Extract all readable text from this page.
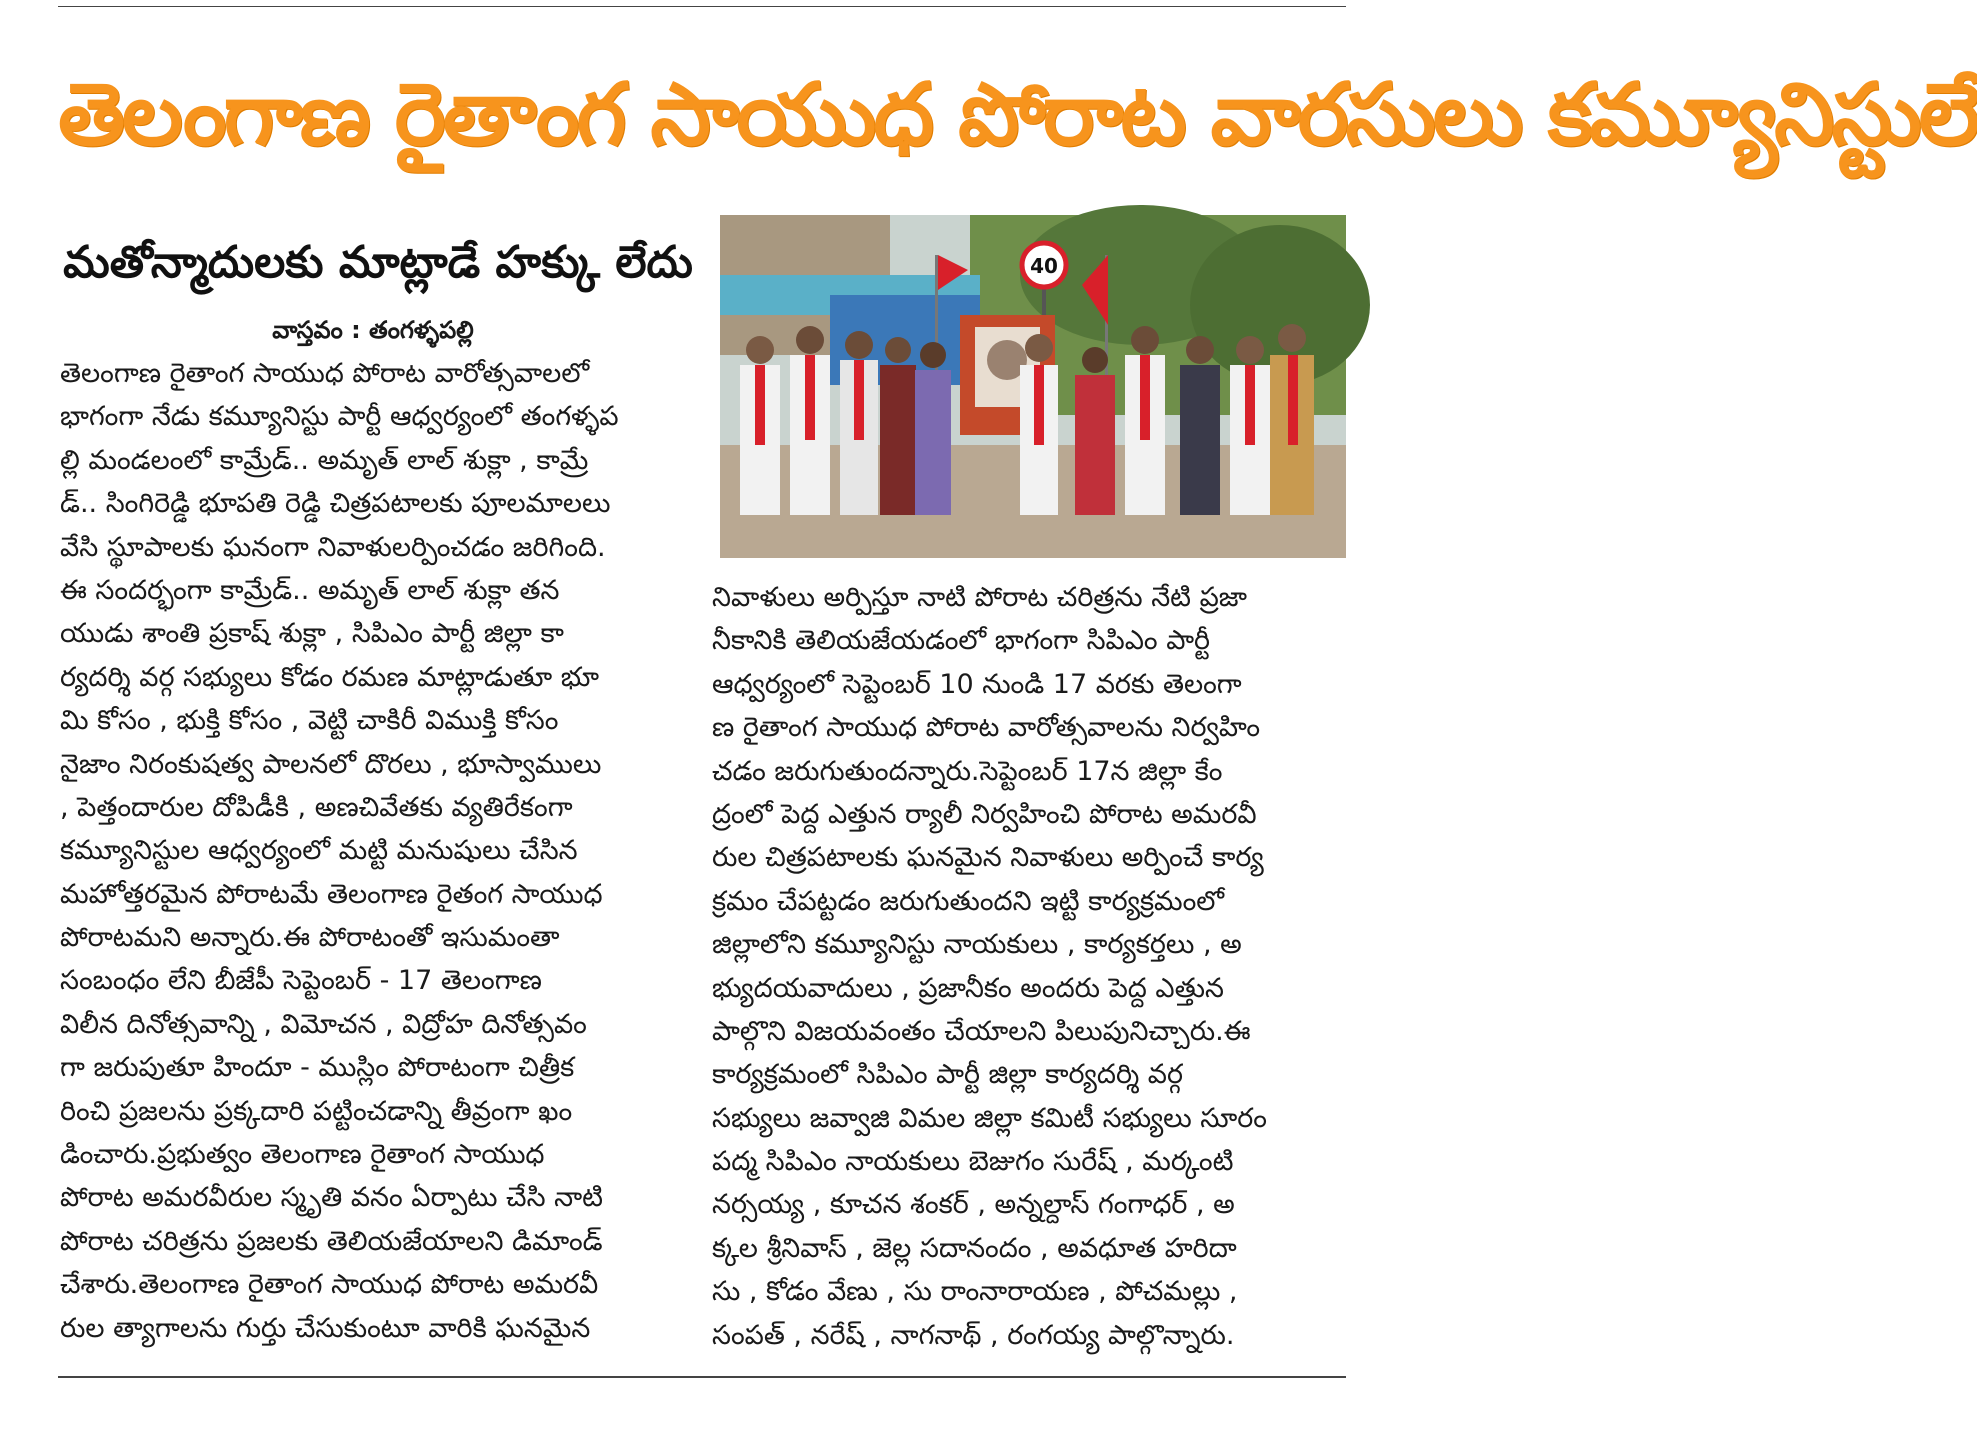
తెలంగాణ రైతాంగ సాయుధ పోరాట వారసులు కమ్యూనిస్టులే
మతోన్మాదులకు మాట్లాడే హక్కు లేదు
వాస్తవం : తంగళ్ళపల్లి
తెలంగాణ రైతాంగ సాయుధ పోరాట వారోత్సవాలలో
భాగంగా నేడు కమ్యూనిస్టు పార్టీ ఆధ్వర్యంలో తంగళ్ళప
ల్లి మండలంలో కామ్రేడ్.. అమృత్ లాల్ శుక్లా , కామ్రే
డ్.. సింగిరెడ్డి భూపతి రెడ్డి చిత్రపటాలకు పూలమాలలు
వేసి స్థూపాలకు ఘనంగా నివాళులర్పించడం జరిగింది.
ఈ సందర్భంగా కామ్రేడ్.. అమృత్ లాల్ శుక్లా తన
యుడు శాంతి ప్రకాష్ శుక్లా , సిపిఎం పార్టీ జిల్లా కా
ర్యదర్శి వర్గ సభ్యులు కోడం రమణ మాట్లాడుతూ భూ
మి కోసం , భుక్తి కోసం , వెట్టి చాకిరీ విముక్తి కోసం
నైజాం నిరంకుషత్వ పాలనలో దొరలు , భూస్వాములు
, పెత్తందారుల దోపిడీకి , అణచివేతకు వ్యతిరేకంగా
కమ్యూనిస్టుల ఆధ్వర్యంలో మట్టి మనుషులు చేసిన
మహోత్తరమైన పోరాటమే తెలంగాణ రైతంగ సాయుధ
పోరాటమని అన్నారు.ఈ పోరాటంతో ఇసుమంతా
సంబంధం లేని బీజేపీ సెప్టెంబర్ - 17 తెలంగాణ
విలీన దినోత్సవాన్ని , విమోచన , విద్రోహ దినోత్సవం
గా జరుపుతూ హిందూ - ముస్లిం పోరాటంగా చిత్రీక
రించి ప్రజలను ప్రక్కదారి పట్టించడాన్ని తీవ్రంగా ఖం
డించారు.ప్రభుత్వం తెలంగాణ రైతాంగ సాయుధ
పోరాట అమరవీరుల స్మృతి వనం ఏర్పాటు చేసి నాటి
పోరాట చరిత్రను ప్రజలకు తెలియజేయాలని డిమాండ్
చేశారు.తెలంగాణ రైతాంగ సాయుధ పోరాట అమరవీ
రుల త్యాగాలను గుర్తు చేసుకుంటూ వారికి ఘనమైన
40
నివాళులు అర్పిస్తూ నాటి పోరాట చరిత్రను నేటి ప్రజా
నీకానికి తెలియజేయడంలో భాగంగా సిపిఎం పార్టీ
ఆధ్వర్యంలో సెప్టెంబర్ 10 నుండి 17 వరకు తెలంగా
ణ రైతాంగ సాయుధ పోరాట వారోత్సవాలను నిర్వహిం
చడం జరుగుతుందన్నారు.సెప్టెంబర్ 17న జిల్లా కేం
ద్రంలో పెద్ద ఎత్తున ర్యాలీ నిర్వహించి పోరాట అమరవీ
రుల చిత్రపటాలకు ఘనమైన నివాళులు అర్పించే కార్య
క్రమం చేపట్టడం జరుగుతుందని ఇట్టి కార్యక్రమంలో
జిల్లాలోని కమ్యూనిస్టు నాయకులు , కార్యకర్తలు , అ
భ్యుదయవాదులు , ప్రజానీకం అందరు పెద్ద ఎత్తున
పాల్గొని విజయవంతం చేయాలని పిలుపునిచ్చారు.ఈ
కార్యక్రమంలో సిపిఎం పార్టీ జిల్లా కార్యదర్శి వర్గ
సభ్యులు జవ్వాజి విమల జిల్లా కమిటీ సభ్యులు సూరం
పద్మ సిపిఎం నాయకులు బెజుగం సురేష్ , మర్కంటి
నర్సయ్య , కూచన శంకర్ , అన్నల్దాస్ గంగాధర్ , అ
క్కల శ్రీనివాస్ , జెల్ల సదానందం , అవధూత హరిదా
సు , కోడం వేణు , సు రాంనారాయణ , పోచమల్లు ,
సంపత్ , నరేష్ , నాగనాథ్ , రంగయ్య పాల్గొన్నారు.
